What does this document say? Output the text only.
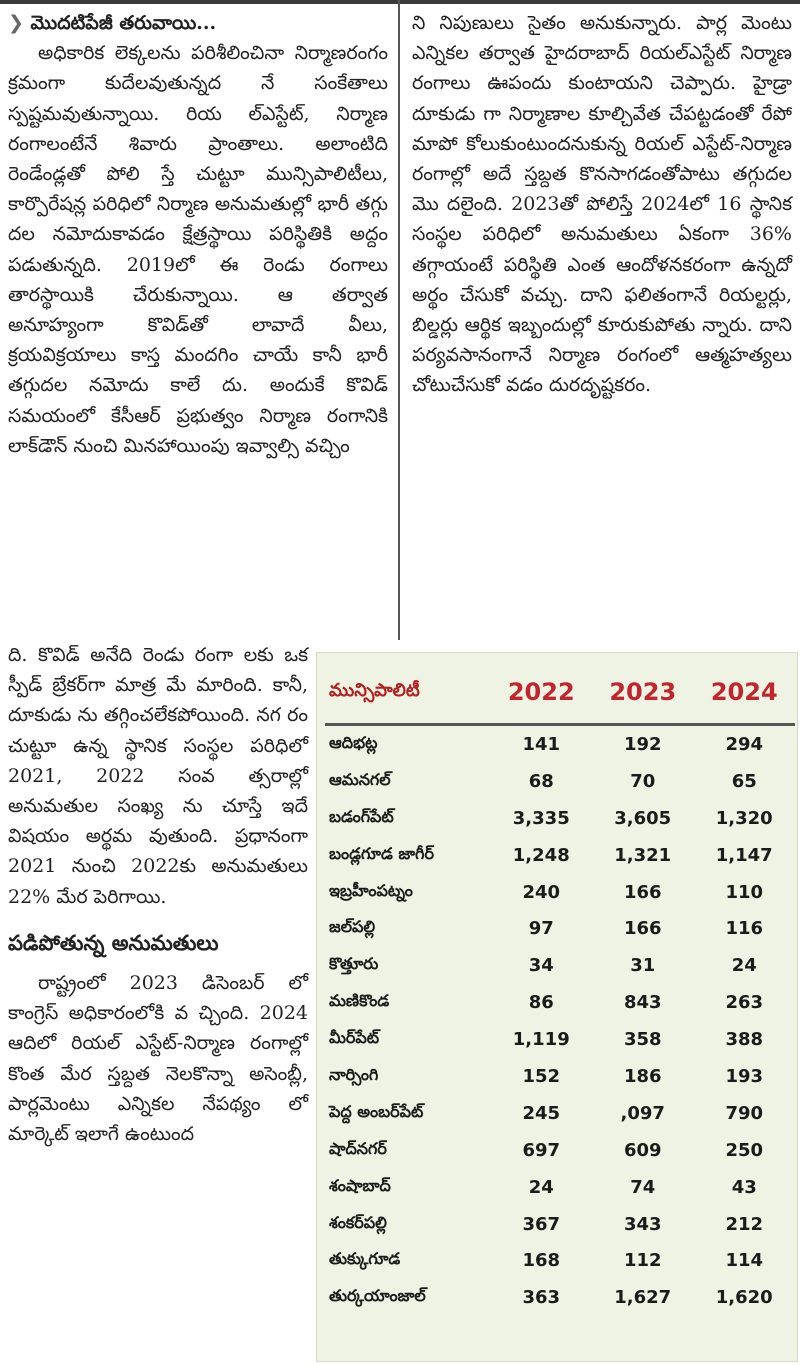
❯ మొదటిపేజీ తరువాయి...

అధికారిక లెక్కలను పరిశీలించినా నిర్మాణరంగం క్రమంగా కుదేలవుతున్నద నే సంకేతాలు స్పష్టమవుతున్నాయి. రియ ల్‌ఎస్టేట్, నిర్మాణ రంగాలంటేనే శివారు ప్రాంతాలు. అలాంటిది రెండేండ్లతో పోలి స్తే చుట్టూ మున్సిపాలిటీలు, కార్పొరేషన్ల పరిధిలో నిర్మాణ అనుమతుల్లో భారీ తగ్గు దల నమోదుకావడం క్షేత్రస్థాయి పరిస్థితికి అద్దం పడుతున్నది. 2019లో ఈ రెండు రంగాలు తారస్థాయికి చేరుకున్నాయి. ఆ తర్వాత అనూహ్యంగా కొవిడ్‌తో లావాదే వీలు, క్రయవిక్రయాలు కాస్త మందగిం చాయే కానీ భారీ తగ్గుదల నమోదు కాలే దు. అందుకే కొవిడ్ సమయంలో కేసీఆర్ ప్రభుత్వం నిర్మాణ రంగానికి లాక్‌డౌన్ నుంచి మినహాయింపు ఇవ్వాల్సి వచ్చిం

ని నిపుణులు సైతం అనుకున్నారు. పార్ల మెంటు ఎన్నికల తర్వాత హైదరాబాద్ రియల్‌ఎస్టేట్ నిర్మాణ రంగాలు ఊపందు కుంటాయని చెప్పారు. హైడ్రా దూకుడు గా నిర్మాణాల కూల్చివేత చేపట్టడంతో రేపో మాపో కోలుకుంటుందనుకున్న రియల్ ఎస్టేట్-నిర్మాణ రంగాల్లో అదే స్తబ్దత కొనసాగడంతోపాటు తగ్గుదల మొ దలైంది. 2023తో పోలిస్తే 2024లో 16 స్థానిక సంస్థల పరిధిలో అనుమతులు ఏకంగా 36% తగ్గాయంటే పరిస్థితి ఎంత ఆందోళనకరంగా ఉన్నదో అర్థం చేసుకో వచ్చు. దాని ఫలితంగానే రియల్టర్లు, బిల్డర్లు ఆర్థిక ఇబ్బందుల్లో కూరుకుపోతు న్నారు. దాని పర్యవసానంగానే నిర్మాణ రంగంలో ఆత్మహత్యలు చోటుచేసుకో వడం దురదృష్టకరం.

ది. కొవిడ్ అనేది రెండు రంగా లకు ఒక స్పీడ్ బ్రేకర్‌గా మాత్ర మే మారింది. కానీ, దూకుడు ను తగ్గించలేకపోయింది. నగ రం చుట్టూ ఉన్న స్థానిక సంస్థల పరిధిలో 2021, 2022 సంవ త్సరాల్లో అనుమతుల సంఖ్య ను చూస్తే ఇదే విషయం అర్థమ వుతుంది. ప్రధానంగా 2021 నుంచి 2022కు అనుమతులు 22% మేర పెరిగాయి.

పడిపోతున్న అనుమతులు

రాష్ట్రంలో 2023 డిసెంబర్ లో కాంగ్రెస్ అధికారంలోకి వ చ్చింది. 2024 ఆదిలో రియల్ ఎస్టేట్-నిర్మాణ రంగాల్లో కొంత మేర స్తబ్దత నెలకొన్నా అసెంబ్లీ, పార్లమెంటు ఎన్నికల నేపథ్యం లో మార్కెట్ ఇలాగే ఉంటుంద

మున్సిపాలిటీ	2022	2023	2024
ఆదిభట్ల	141	192	294
ఆమనగల్	68	70	65
బడంగ్‌పేట్	3,335	3,605	1,320
బండ్లగూడ జాగీర్	1,248	1,321	1,147
ఇబ్రహీంపట్నం	240	166	110
జల్‌పల్లి	97	166	116
కొత్తూరు	34	31	24
మణికొండ	86	843	263
మీర్‌పేట్	1,119	358	388
నార్సింగి	152	186	193
పెద్ద అంబర్‌పేట్	245	,097	790
షాద్‌నగర్	697	609	250
శంషాబాద్	24	74	43
శంకర్‌పల్లి	367	343	212
తుక్కుగూడ	168	112	114
తుర్కయాంజాల్	363	1,627	1,620
